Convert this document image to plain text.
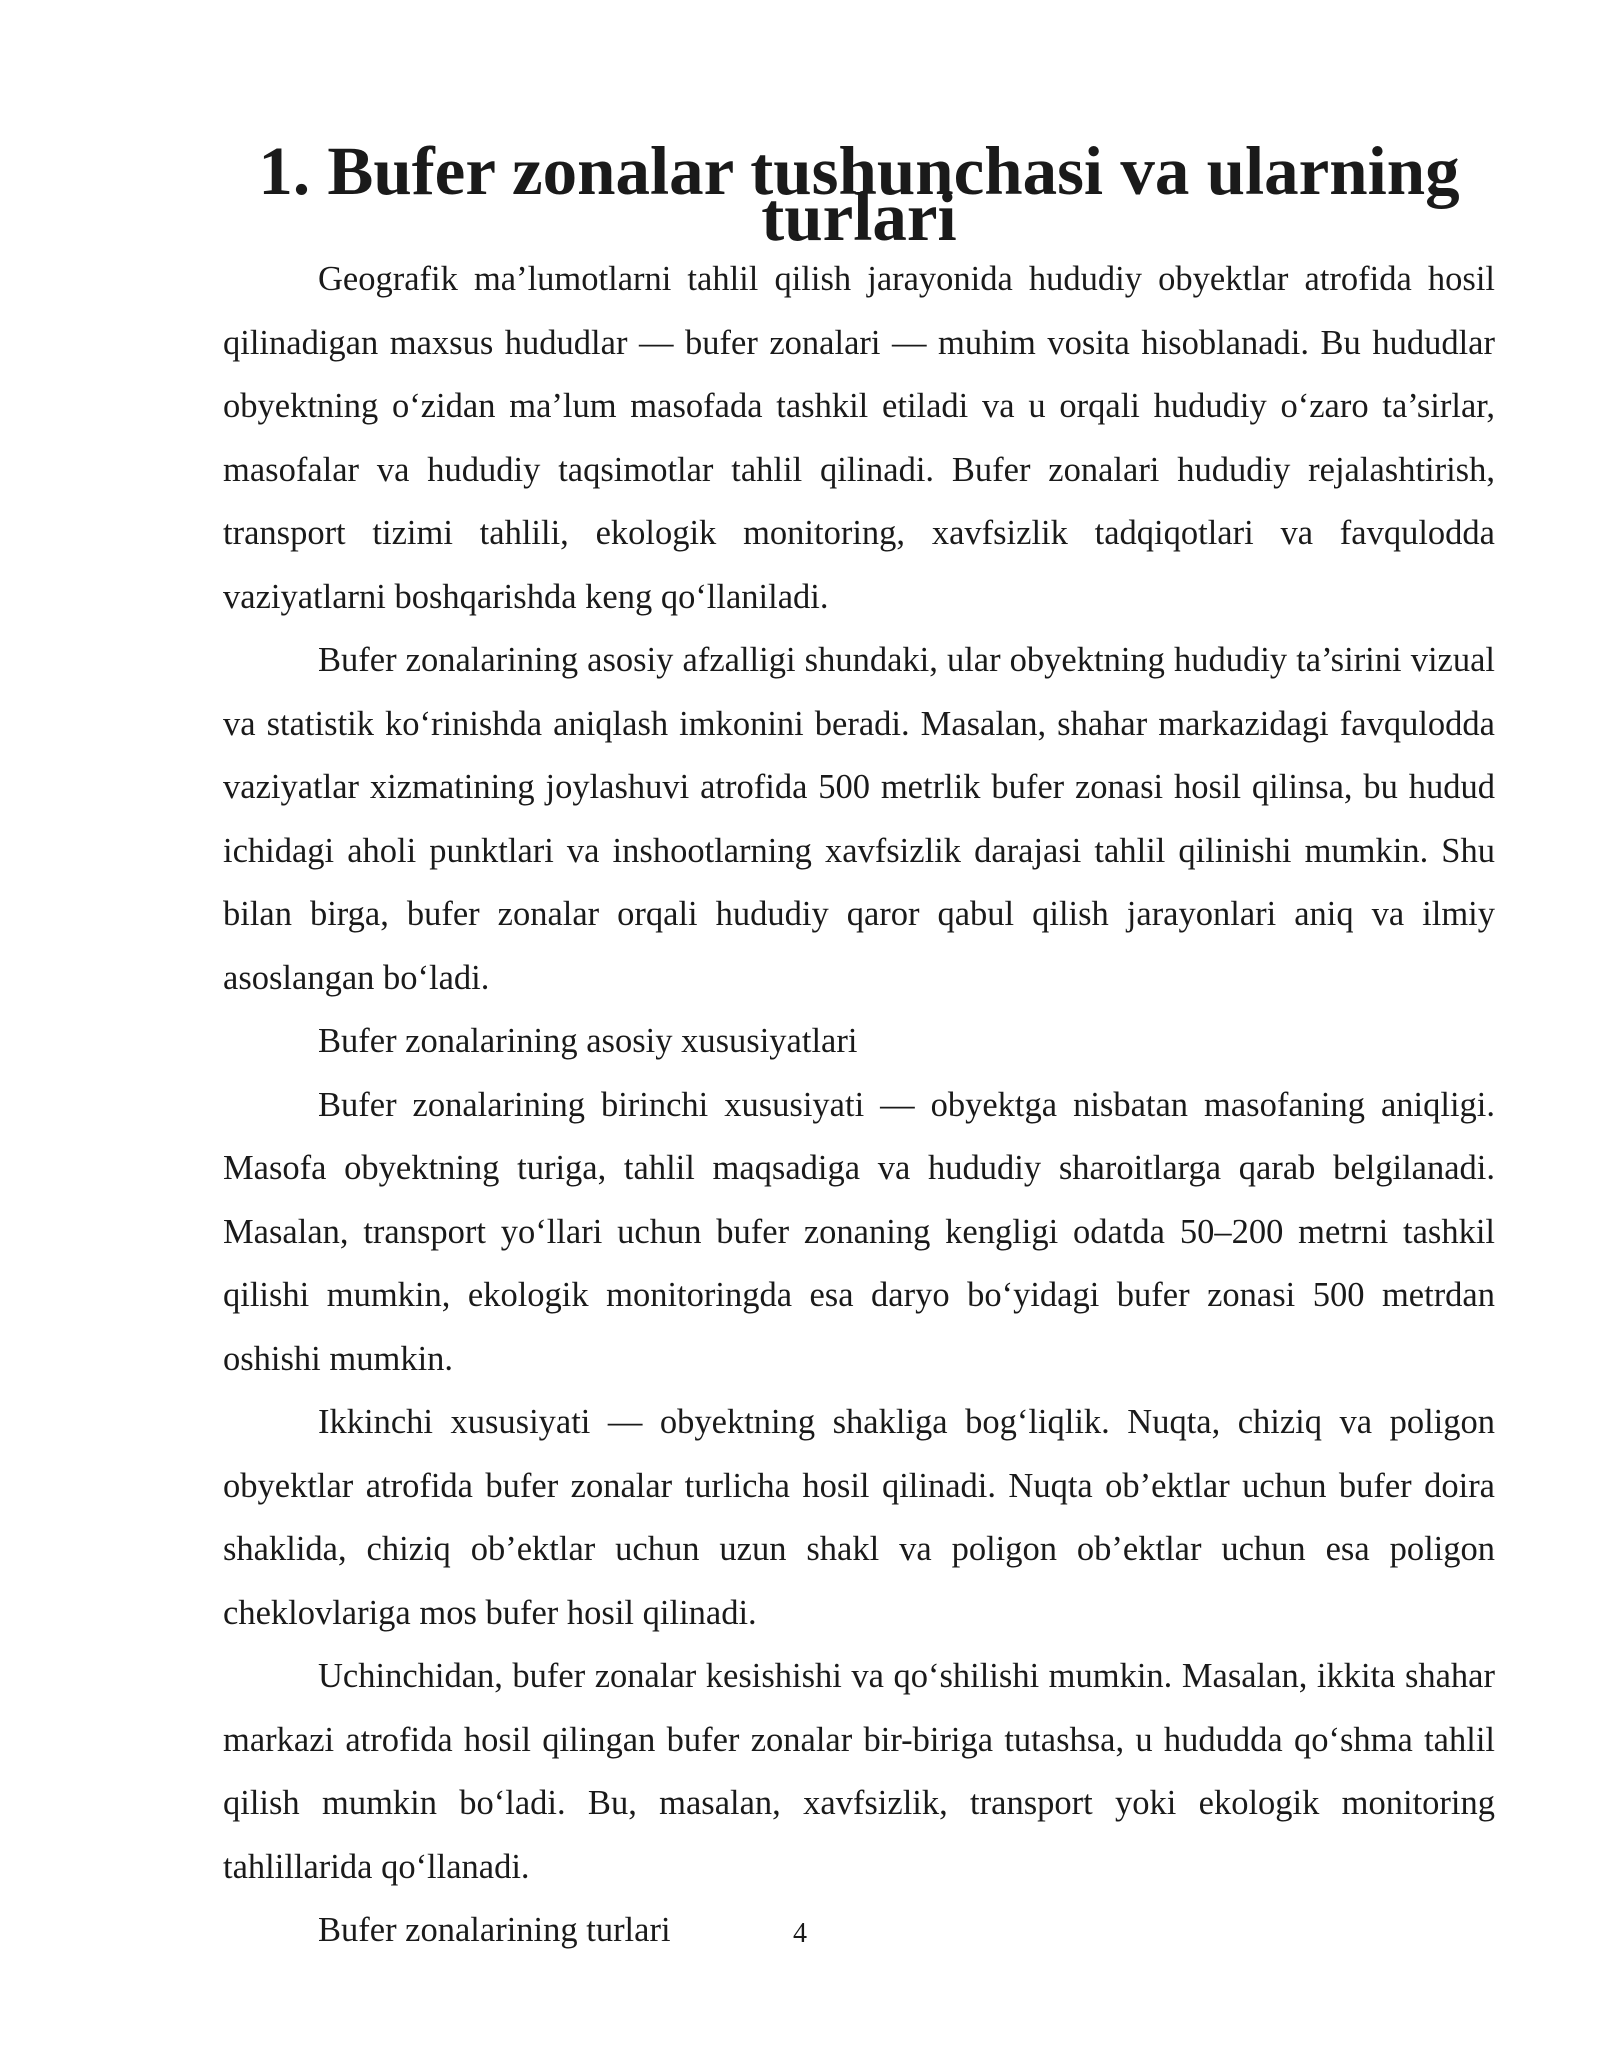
1. Bufer zonalar tushunchasi va ularning turlari

Geografik ma’lumotlarni tahlil qilish jarayonida hududiy obyektlar atrofida hosil qilinadigan maxsus hududlar — bufer zonalari — muhim vosita hisoblanadi. Bu hududlar obyektning o‘zidan ma’lum masofada tashkil etiladi va u orqali hududiy o‘zaro ta’sirlar, masofalar va hududiy taqsimotlar tahlil qilinadi. Bufer zonalari hududiy rejalashtirish, transport tizimi tahlili, ekologik monitoring, xavfsizlik tadqiqotlari va favqulodda vaziyatlarni boshqarishda keng qo‘llaniladi.

Bufer zonalarining asosiy afzalligi shundaki, ular obyektning hududiy ta’sirini vizual va statistik ko‘rinishda aniqlash imkonini beradi. Masalan, shahar markazidagi favqulodda vaziyatlar xizmatining joylashuvi atrofida 500 metrlik bufer zonasi hosil qilinsa, bu hudud ichidagi aholi punktlari va inshootlarning xavfsizlik darajasi tahlil qilinishi mumkin. Shu bilan birga, bufer zonalar orqali hududiy qaror qabul qilish jarayonlari aniq va ilmiy asoslangan bo‘ladi.

Bufer zonalarining asosiy xususiyatlari

Bufer zonalarining birinchi xususiyati — obyektga nisbatan masofaning aniqligi. Masofa obyektning turiga, tahlil maqsadiga va hududiy sharoitlarga qarab belgilanadi. Masalan, transport yo‘llari uchun bufer zonaning kengligi odatda 50–200 metrni tashkil qilishi mumkin, ekologik monitoringda esa daryo bo‘yidagi bufer zonasi 500 metrdan oshishi mumkin.

Ikkinchi xususiyati — obyektning shakliga bog‘liqlik. Nuqta, chiziq va poligon obyektlar atrofida bufer zonalar turlicha hosil qilinadi. Nuqta ob’ektlar uchun bufer doira shaklida, chiziq ob’ektlar uchun uzun shakl va poligon ob’ektlar uchun esa poligon cheklovlariga mos bufer hosil qilinadi.

Uchinchidan, bufer zonalar kesishishi va qo‘shilishi mumkin. Masalan, ikkita shahar markazi atrofida hosil qilingan bufer zonalar bir-biriga tutashsa, u hududda qo‘shma tahlil qilish mumkin bo‘ladi. Bu, masalan, xavfsizlik, transport yoki ekologik monitoring tahlillarida qo‘llanadi.

Bufer zonalarining turlari	4
